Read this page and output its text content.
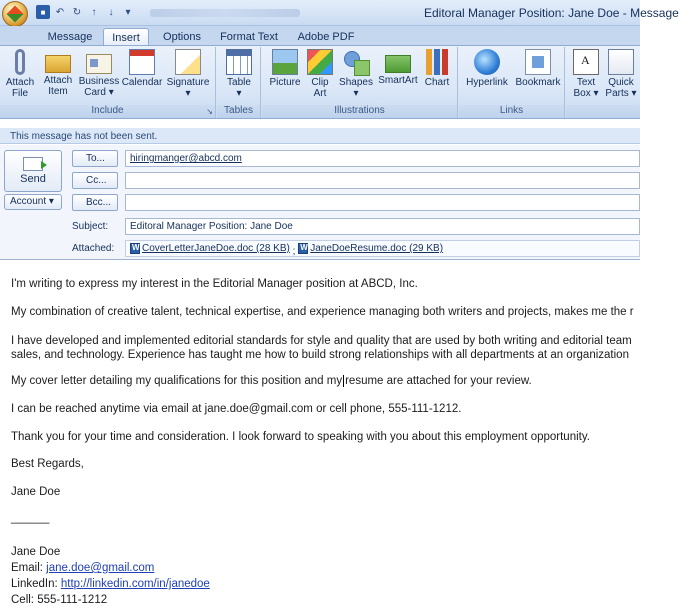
■	↶ ↻	↑	↓	▾	Editoral Manager Position: Jane Doe - Message
Message	Insert	Options	Format Text	Adobe PDF
Attach
File
Attach
Item
Business
Card ▾
Calendar Signature
▾
Include	↘
Table
▾
Tables
Picture	Clip
Art
Shapes
▾
SmartArt Chart
Illustrations
Hyperlink Bookmark
Links
A
Text
Box ▾
Quick
Parts ▾
This message has not been sent.
Send
Account ▾
To...	hiringmanger@abcd.com
Cc...
Bcc...
Subject:	Editoral Manager Position: Jane Doe
Attached: W	CoverLetterJaneDoe.doc (28 KB) ; W JaneDoeResume.doc (29 KB)

I'm writing to express my interest in the Editorial Manager position at ABCD, Inc.

My combination of creative talent, technical expertise, and experience managing both writers and projects, makes me the r

I have developed and implemented editorial standards for style and quality that are used by both writing and editorial team

sales, and technology. Experience has taught me how to build strong relationships with all departments at an organization

My cover letter detailing my qualifications for this position and my resume are attached for your review.

I can be reached anytime via email at jane.doe@gmail.com or cell phone, 555-111-1212.

Thank you for your time and consideration. I look forward to speaking with you about this employment opportunity.

Best Regards,

Jane Doe

______

Jane Doe

Email: jane.doe@gmail.com

LinkedIn: http://linkedin.com/in/janedoe

Cell: 555-111-1212
